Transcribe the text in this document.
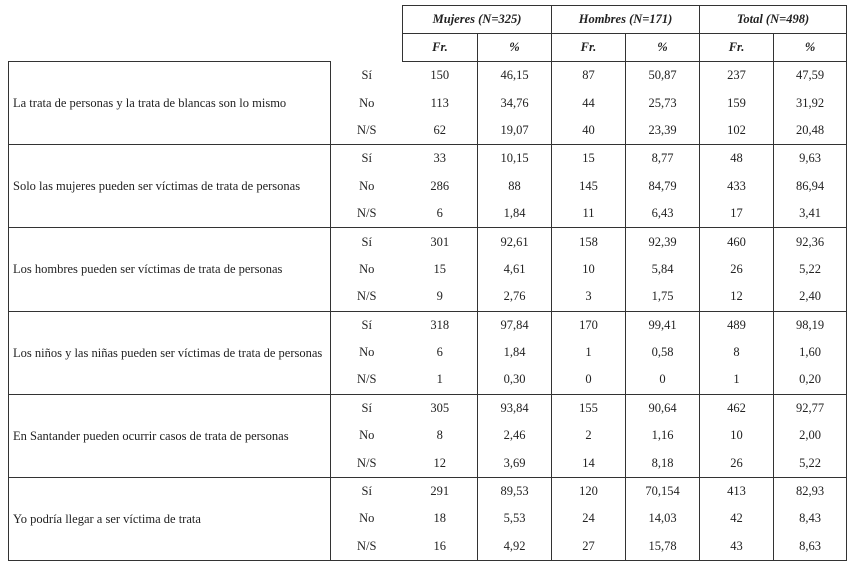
		Mujeres (N=325)		Hombres (N=171)		Total (N=498)	
		Fr.	%	Fr.	%	Fr.	%
La trata de personas y la trata de blancas son lo mismo	Sí	150	46,15	87	50,87	237	47,59
	No	113	34,76	44	25,73	159	31,92
	N/S	62	19,07	40	23,39	102	20,48
Solo las mujeres pueden ser víctimas de trata de personas	Sí	33	10,15	15	8,77	48	9,63
	No	286	88	145	84,79	433	86,94
	N/S	6	1,84	11	6,43	17	3,41
Los hombres pueden ser víctimas de trata de personas	Sí	301	92,61	158	92,39	460	92,36
	No	15	4,61	10	5,84	26	5,22
	N/S	9	2,76	3	1,75	12	2,40
Los niños y las niñas pueden ser víctimas de trata de personas	Sí	318	97,84	170	99,41	489	98,19
	No	6	1,84	1	0,58	8	1,60
	N/S	1	0,30	0	0	1	0,20
En Santander pueden ocurrir casos de trata de personas	Sí	305	93,84	155	90,64	462	92,77
	No	8	2,46	2	1,16	10	2,00
	N/S	12	3,69	14	8,18	26	5,22
Yo podría llegar a ser víctima de trata	Sí	291	89,53	120	70,154	413	82,93
	No	18	5,53	24	14,03	42	8,43
	N/S	16	4,92	27	15,78	43	8,63
